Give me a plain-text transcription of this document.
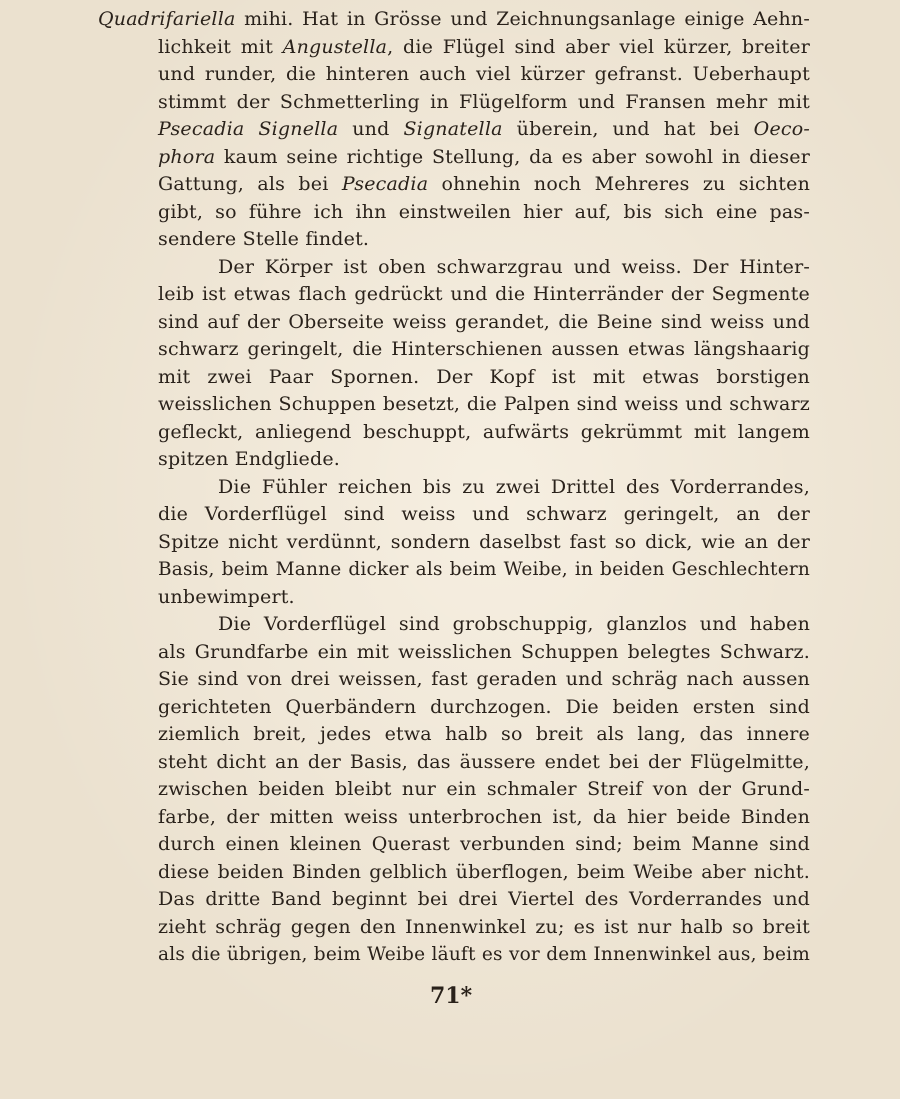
Quadrifariella mihi. Hat in Grösse und Zeichnungsanlage einige Aehn-
lichkeit mit Angustella, die Flügel sind aber viel kürzer, breiter
und runder, die hinteren auch viel kürzer gefranst. Ueberhaupt
stimmt der Schmetterling in Flügelform und Fransen mehr mit
Psecadia Signella und Signatella überein, und hat bei Oeco-
phora kaum seine richtige Stellung, da es aber sowohl in dieser
Gattung, als bei Psecadia ohnehin noch Mehreres zu sichten
gibt, so führe ich ihn einstweilen hier auf, bis sich eine pas-
sendere Stelle findet.
Der Körper ist oben schwarzgrau und weiss. Der Hinter-
leib ist etwas flach gedrückt und die Hinterränder der Segmente
sind auf der Oberseite weiss gerandet, die Beine sind weiss und
schwarz geringelt, die Hinterschienen aussen etwas längshaarig
mit zwei Paar Spornen. Der Kopf ist mit etwas borstigen
weisslichen Schuppen besetzt, die Palpen sind weiss und schwarz
gefleckt, anliegend beschuppt, aufwärts gekrümmt mit langem
spitzen Endgliede.
Die Fühler reichen bis zu zwei Drittel des Vorderrandes,
die Vorderflügel sind weiss und schwarz geringelt, an der
Spitze nicht verdünnt, sondern daselbst fast so dick, wie an der
Basis, beim Manne dicker als beim Weibe, in beiden Geschlechtern
unbewimpert.
Die Vorderflügel sind grobschuppig, glanzlos und haben
als Grundfarbe ein mit weisslichen Schuppen belegtes Schwarz.
Sie sind von drei weissen, fast geraden und schräg nach aussen
gerichteten Querbändern durchzogen. Die beiden ersten sind
ziemlich breit, jedes etwa halb so breit als lang, das innere
steht dicht an der Basis, das äussere endet bei der Flügelmitte,
zwischen beiden bleibt nur ein schmaler Streif von der Grund-
farbe, der mitten weiss unterbrochen ist, da hier beide Binden
durch einen kleinen Querast verbunden sind; beim Manne sind
diese beiden Binden gelblich überflogen, beim Weibe aber nicht.
Das dritte Band beginnt bei drei Viertel des Vorderrandes und
zieht schräg gegen den Innenwinkel zu; es ist nur halb so breit
als die übrigen, beim Weibe läuft es vor dem Innenwinkel aus, beim
71*
